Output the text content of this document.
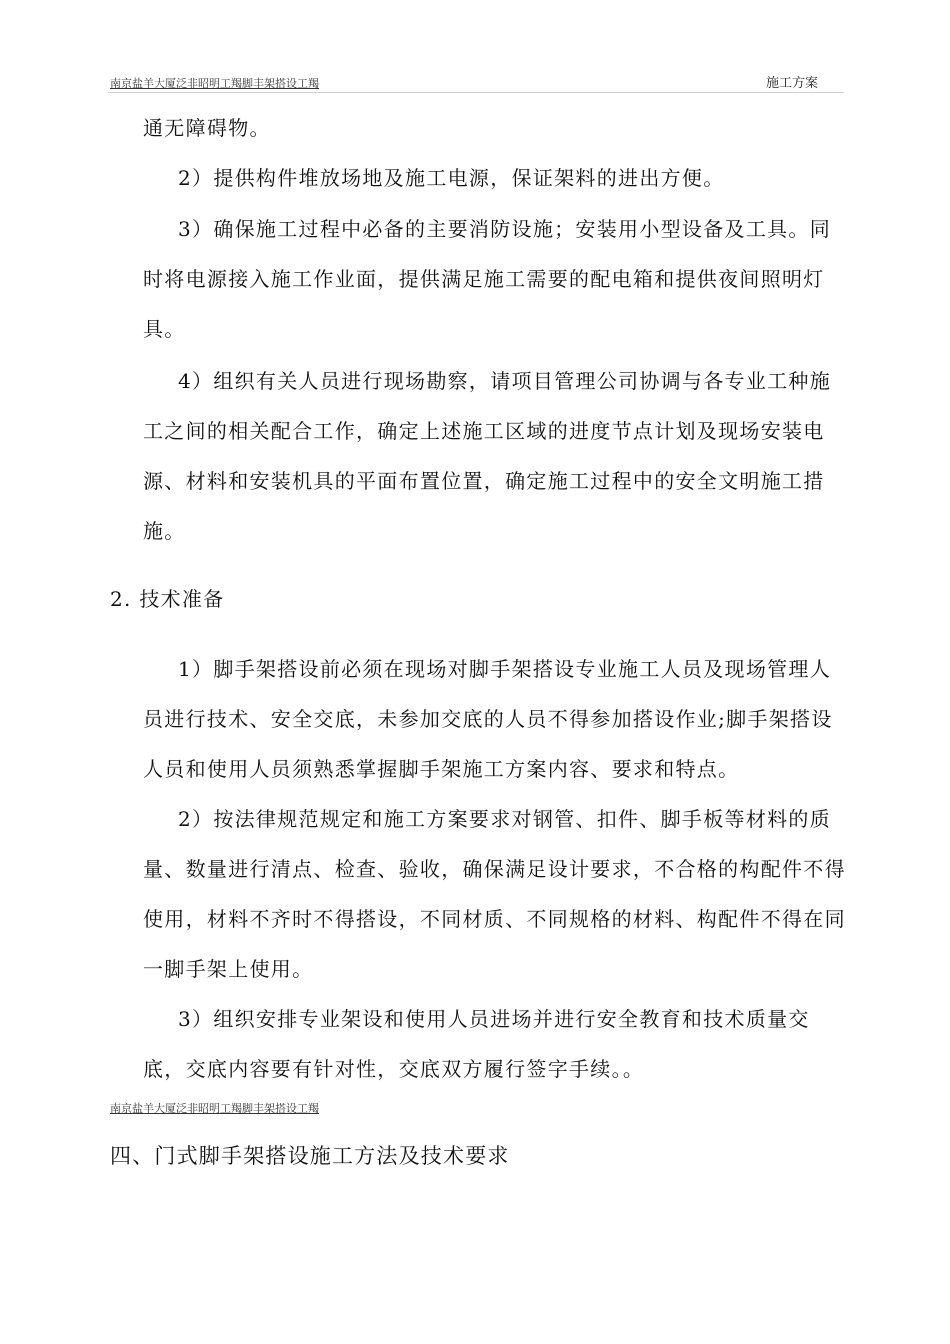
南京盐羊大厦泛非昭明工羯脚丰架搭设工羯	施工方案
通无障碍物。
2）提供构件堆放场地及施工电源，保证架料的进出方便。
3）确保施工过程中必备的主要消防设施；安装用小型设备及工具。同
时将电源接入施工作业面，提供满足施工需要的配电箱和提供夜间照明灯
具。
4）组织有关人员进行现场勘察，请项目管理公司协调与各专业工种施
工之间的相关配合工作，确定上述施工区域的进度节点计划及现场安装电
源、材料和安装机具的平面布置位置，确定施工过程中的安全文明施工措
施。
2. 技术准备
1）脚手架搭设前必须在现场对脚手架搭设专业施工人员及现场管理人
员进行技术、安全交底，未参加交底的人员不得参加搭设作业;脚手架搭设
人员和使用人员须熟悉掌握脚手架施工方案内容、要求和特点。
2）按法律规范规定和施工方案要求对钢管、扣件、脚手板等材料的质
量、数量进行清点、检查、验收，确保满足设计要求，不合格的构配件不得
使用，材料不齐时不得搭设，不同材质、不同规格的材料、构配件不得在同
一脚手架上使用。
3）组织安排专业架设和使用人员进场并进行安全教育和技术质量交
底，交底内容要有针对性，交底双方履行签字手续。。
南京盐羊大厦泛非昭明工羯脚丰架搭设工羯
四、门式脚手架搭设施工方法及技术要求
